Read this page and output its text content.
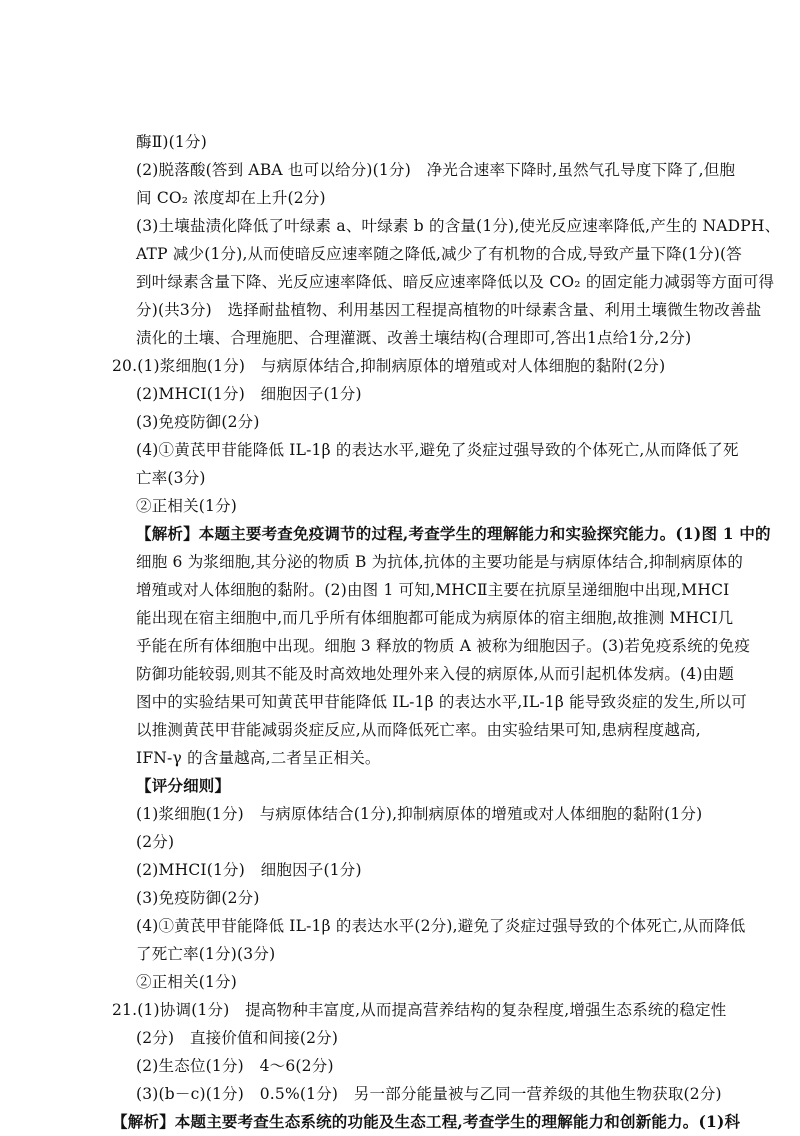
酶Ⅱ)(1分)
(2)脱落酸(答到 ABA 也可以给分)(1分)　净光合速率下降时,虽然气孔导度下降了,但胞
间 CO₂ 浓度却在上升(2分)
(3)土壤盐渍化降低了叶绿素 a、叶绿素 b 的含量(1分),使光反应速率降低,产生的 NADPH、
ATP 减少(1分),从而使暗反应速率随之降低,减少了有机物的合成,导致产量下降(1分)(答
到叶绿素含量下降、光反应速率降低、暗反应速率降低以及 CO₂ 的固定能力减弱等方面可得
分)(共3分)　选择耐盐植物、利用基因工程提高植物的叶绿素含量、利用土壤微生物改善盐
渍化的土壤、合理施肥、合理灌溉、改善土壤结构(合理即可,答出1点给1分,2分)
20.(1)浆细胞(1分)　与病原体结合,抑制病原体的增殖或对人体细胞的黏附(2分)
(2)MHCⅠ(1分)　细胞因子(1分)
(3)免疫防御(2分)
(4)①黄芪甲苷能降低 IL-1β 的表达水平,避免了炎症过强导致的个体死亡,从而降低了死
亡率(3分)
②正相关(1分)
【解析】本题主要考查免疫调节的过程,考查学生的理解能力和实验探究能力。(1)图 1 中的
细胞 6 为浆细胞,其分泌的物质 B 为抗体,抗体的主要功能是与病原体结合,抑制病原体的
增殖或对人体细胞的黏附。(2)由图 1 可知,MHCⅡ主要在抗原呈递细胞中出现,MHCⅠ
能出现在宿主细胞中,而几乎所有体细胞都可能成为病原体的宿主细胞,故推测 MHCⅠ几
乎能在所有体细胞中出现。细胞 3 释放的物质 A 被称为细胞因子。(3)若免疫系统的免疫
防御功能较弱,则其不能及时高效地处理外来入侵的病原体,从而引起机体发病。(4)由题
图中的实验结果可知黄芪甲苷能降低 IL-1β 的表达水平,IL-1β 能导致炎症的发生,所以可
以推测黄芪甲苷能减弱炎症反应,从而降低死亡率。由实验结果可知,患病程度越高,
IFN-γ 的含量越高,二者呈正相关。
【评分细则】
(1)浆细胞(1分)　与病原体结合(1分),抑制病原体的增殖或对人体细胞的黏附(1分)
(2分)
(2)MHCⅠ(1分)　细胞因子(1分)
(3)免疫防御(2分)
(4)①黄芪甲苷能降低 IL-1β 的表达水平(2分),避免了炎症过强导致的个体死亡,从而降低
了死亡率(1分)(3分)
②正相关(1分)
21.(1)协调(1分)　提高物种丰富度,从而提高营养结构的复杂程度,增强生态系统的稳定性
(2分)　直接价值和间接(2分)
(2)生态位(1分)　4～6(2分)
(3)(b－c)(1分)　0.5%(1分)　另一部分能量被与乙同一营养级的其他生物获取(2分)
【解析】本题主要考查生态系统的功能及生态工程,考查学生的理解能力和创新能力。(1)科
